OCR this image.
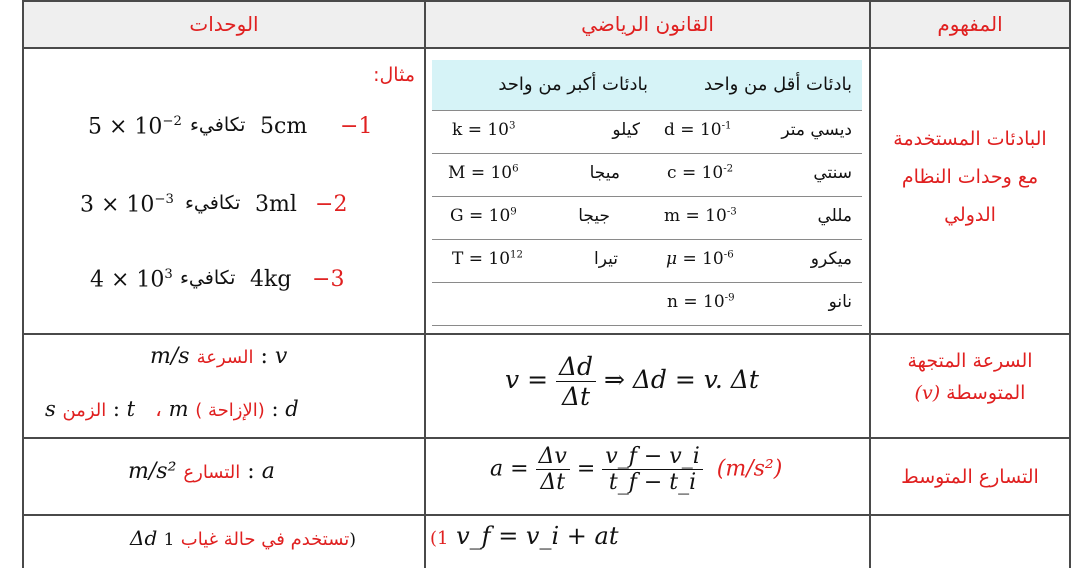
المفهوم
القانون الرياضي
الوحدات
البادئات المستخدمة
مع وحدات النظام
الدولي
بادئات أقل من واحد
بادئات أكبر من واحد
ديسي متر
$d = 10^{-1}$
سنتي
$c = 10^{-2}$
مللي
$m = 10^{-3}$
ميكرو
$\mu = 10^{-6}$
نانو
$n = 10^{-9}$
كيلو
$k = 10^3$
ميجا
$M = 10^6$
جيجا
$G = 10^9$
تيرا
$T = 10^{12}$
مثال:
−1
5cm
تكافيء
$5 \times 10^{-2}$
−2
3ml
تكافيء
$3 \times 10^{-3}$
−3
4kg
تكافيء
$4 \times 10^3$
السرعة المتجهة
المتوسطة (v)
$v = \frac{\Delta d}{\Delta t}$ ⇒ Δd = v. Δt
m/s السرعة : v
s الزمن : t ، m ( الإزاحة) : d
التسارع المتوسط
$a = \frac{\Delta v}{\Delta t} = \frac{v\_f - v\_i}{t\_f - t\_i} (m/s^2)$
m/s² التسارع : a
(1 v_f = v_i + at
Δd تستخدم في حالة غياب 1)
